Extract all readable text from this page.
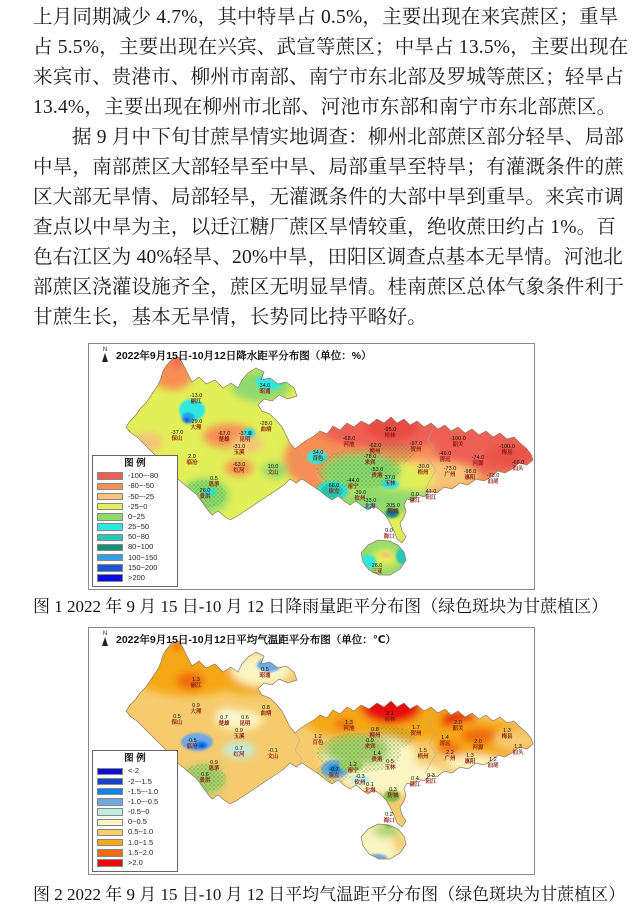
上月同期减少 4.7%，其中特旱占 0.5%，主要出现在来宾蔗区；重旱
占 5.5%，主要出现在兴宾、武宣等蔗区；中旱占 13.5%，主要出现在
来宾市、贵港市、柳州市南部、南宁市东北部及罗城等蔗区；轻旱占
13.4%，主要出现在柳州市北部、河池市东部和南宁市东北部蔗区。
据 9 月中下旬甘蔗旱情实地调查：柳州北部蔗区部分轻旱、局部
中旱，南部蔗区大部轻旱至中旱、局部重旱至特旱；有灌溉条件的蔗
区大部无旱情、局部轻旱，无灌溉条件的大部中旱到重旱。来宾市调
查点以中旱为主，以迁江糖厂蔗区旱情较重，绝收蔗田约占 1%。百
色右江区为 40%轻旱、20%中旱，田阳区调查点基本无旱情。河池北
部蔗区浇灌设施齐全，蔗区无明显旱情。桂南蔗区总体气象条件利于
甘蔗生长，基本无旱情，长势同比持平略好。
N 2022年9月15日-10月12日降水距平分布图（单位：%）
图 例
-100~-80
-80~-50
-50~-25
-25~0
0~25
25~50
50~80
80~100
100~150
150~200
>200
-13.0
丽江
34.0
昭通
-29.0
大理
-37.0
保山
-67.0
楚雄
-37.0
昆明
-31.0
玉溪
-28.0
曲靖
2.0
临沧	-63.0
红河
10.0
文山
0.5
思茅
26.0
景洪
34.0
百色
-68.0
河池
-95.0
桂林
-62.0
柳州
-78.0
来宾
-53.0
贵港
-97.0
贺州
-100.0
韶关	-100.0
梅县
-74.0
河源
-46.0
清远
-73.0
广州 -98.0
惠阳 -73.0
汕尾
-66.0
汕头
-30.0
梧州
37.0
玉林
-44.0
南宁
66.0
崇左	-39.0
钦州
-33.0
北海 205.0
防城
0.0
湛江
41.0
阳江
0.0
海口
26.0
三亚
图 1 2022 年 9 月 15 日-10 月 12 日降雨量距平分布图（绿色斑块为甘蔗植区）
N 2022年9月15日-10月12日平均气温距平分布图（单位：℃）
图 例
<-2
-2~-1.5
-1.5~-1.0
-1.0~-0.5
-0.5~0
0~0.5
0.5~1.0
1.0~1.5
1.5~2.0
>2.0
1.3
丽江
0.5
昭通
0.9
大理
0.5
保山
0.7
楚雄
0.6
昆明
0.9
玉溪
0.8
曲靖
-0.5
临沧	0.7
红河
-0.1
文山
0.9
思茅
0.6
景洪
1.2
百色
1.3
河池
2.1
桂林
0.8
柳州
0.9
来宾
1.4
贵港
1.7
贺州
2.0
韶关	1.3
梅县
2.0
河源
1.4
清远
2.2
广州	1.3
惠阳	1.2
汕尾
1.3
汕头
1.5
梧州
0.5
玉林
1.2
南宁
-0.7
崇左	-0.3
钦州 0.1
北海	0.3
防城
0.4
湛江
0.3
阳江
0.2
海口
图 2 2022 年 9 月 15 日-10 月 12 日平均气温距平分布图（绿色斑块为甘蔗植区）
